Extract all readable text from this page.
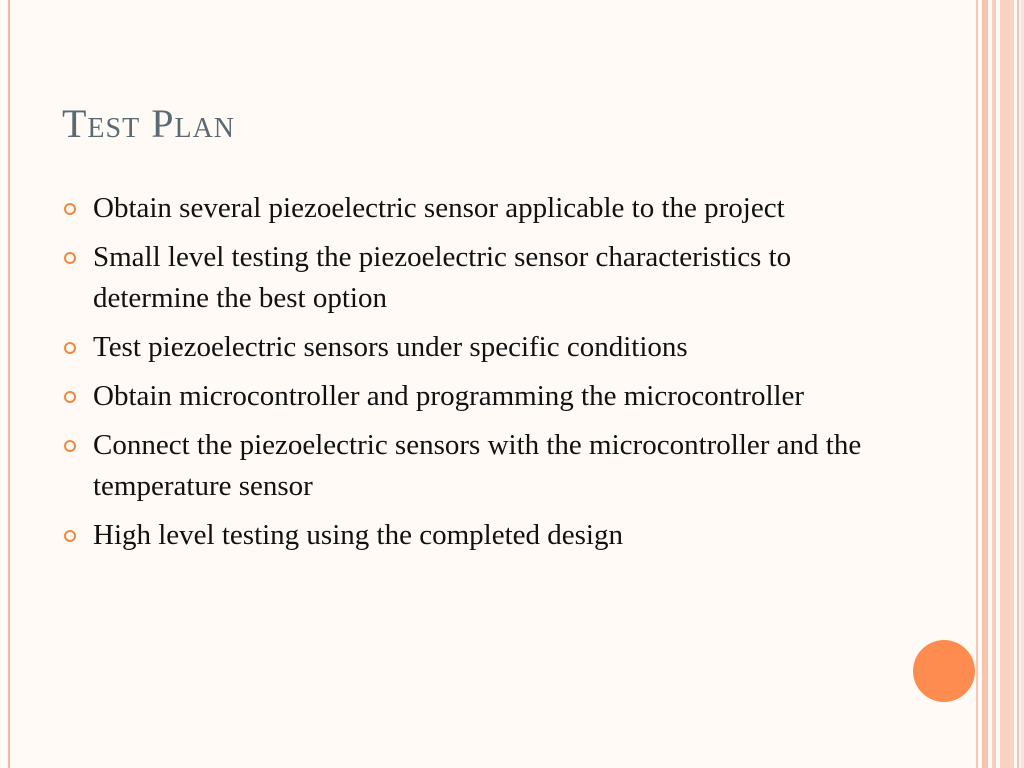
Test Plan
Obtain several piezoelectric sensor applicable to the project
Small level testing the piezoelectric sensor characteristics to determine the best option
Test piezoelectric sensors under specific conditions
Obtain microcontroller and programming the microcontroller
Connect the piezoelectric sensors with the microcontroller and the temperature sensor
High level testing using the completed design
